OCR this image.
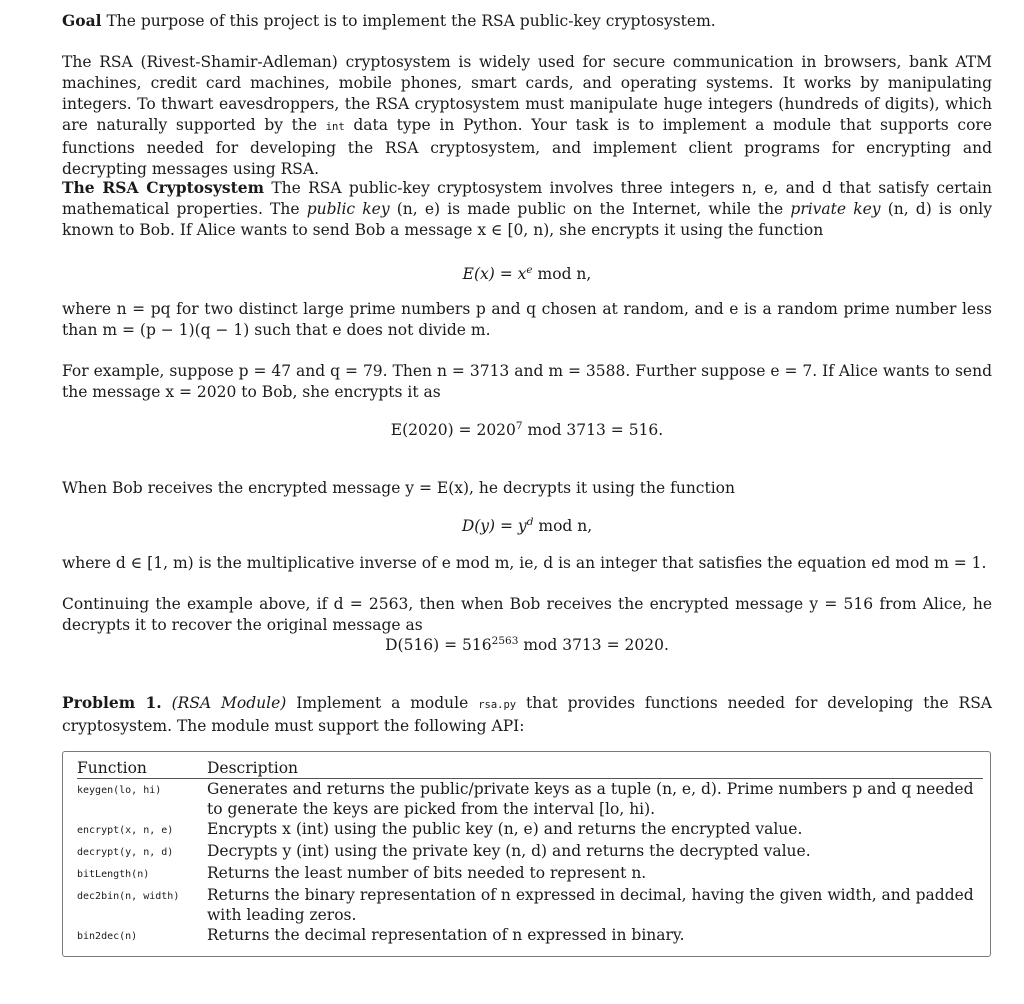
Goal The purpose of this project is to implement the RSA public-key cryptosystem.

The RSA (Rivest-Shamir-Adleman) cryptosystem is widely used for secure communication in browsers, bank ATM machines, credit card machines, mobile phones, smart cards, and operating systems. It works by manipulating integers. To thwart eavesdroppers, the RSA cryptosystem must manipulate huge integers (hundreds of digits), which are naturally supported by the int data type in Python. Your task is to implement a module that supports core functions needed for developing the RSA cryptosystem, and implement client programs for encrypting and decrypting messages using RSA.

The RSA Cryptosystem The RSA public-key cryptosystem involves three integers n, e, and d that satisfy certain mathematical properties. The public key (n, e) is made public on the Internet, while the private key (n, d) is only known to Bob. If Alice wants to send Bob a message x ∈ [0, n), she encrypts it using the function

$E(x) = x^e$ mod n,

where n = pq for two distinct large prime numbers p and q chosen at random, and e is a random prime number less than m = (p − 1)(q − 1) such that e does not divide m.

For example, suppose p = 47 and q = 79. Then n = 3713 and m = 3588. Further suppose e = 7. If Alice wants to send the message x = 2020 to Bob, she encrypts it as

$E(2020) = 2020^7$ mod 3713 = 516.

When Bob receives the encrypted message y = E(x), he decrypts it using the function

$D(y) = y^d$ mod n,

where d ∈ [1, m) is the multiplicative inverse of e mod m, ie, d is an integer that satisfies the equation ed mod m = 1.

Continuing the example above, if d = 2563, then when Bob receives the encrypted message y = 516 from Alice, he decrypts it to recover the original message as

$D(516) = 516^{2563}$ mod 3713 = 2020.

Problem 1. (RSA Module) Implement a module rsa.py that provides functions needed for developing the RSA cryptosystem. The module must support the following API:

Function	Description
keygen(lo, hi)	Generates and returns the public/private keys as a tuple (n, e, d). Prime numbers p and q needed to generate the keys are picked from the interval [lo, hi).
encrypt(x, n, e)	Encrypts x (int) using the public key (n, e) and returns the encrypted value.
decrypt(y, n, d)	Decrypts y (int) using the private key (n, d) and returns the decrypted value.
bitLength(n)	Returns the least number of bits needed to represent n.
dec2bin(n, width)	Returns the binary representation of n expressed in decimal, having the given width, and padded with leading zeros.
bin2dec(n)	Returns the decimal representation of n expressed in binary.
